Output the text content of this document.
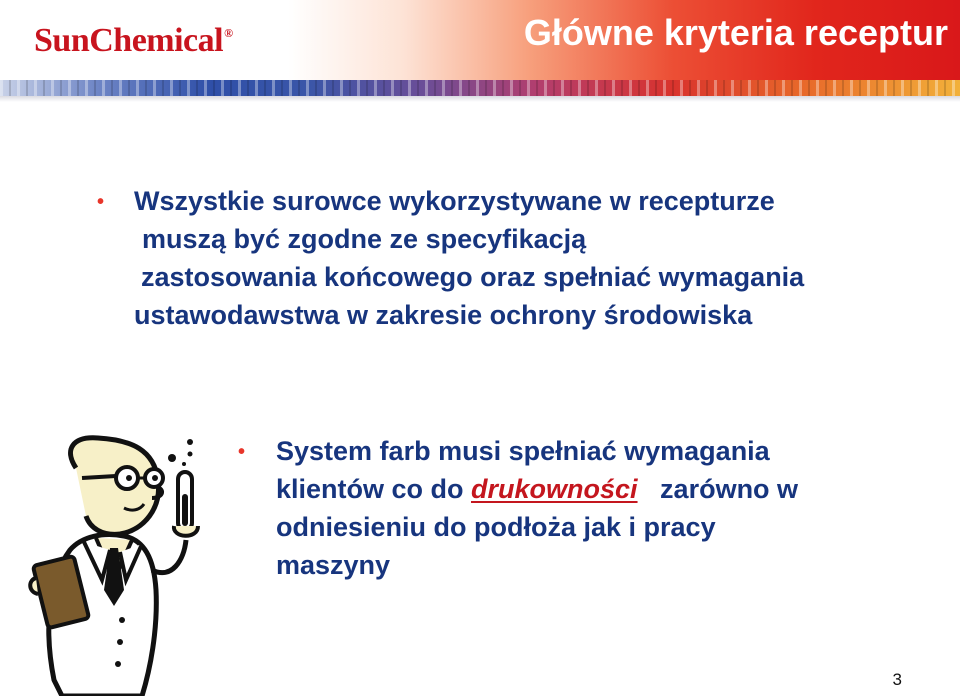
SunChemical®	Główne kryteria receptur
• Wszystkie surowce wykorzystywane w recepturze
muszą być zgodne ze specyfikacją
zastosowania końcowego oraz spełniać wymagania
ustawodawstwa w zakresie ochrony środowiska
• System farb musi spełniać wymagania
klientów co do drukowności   zarówno w
odniesieniu do podłoża jak i pracy
maszyny
3
